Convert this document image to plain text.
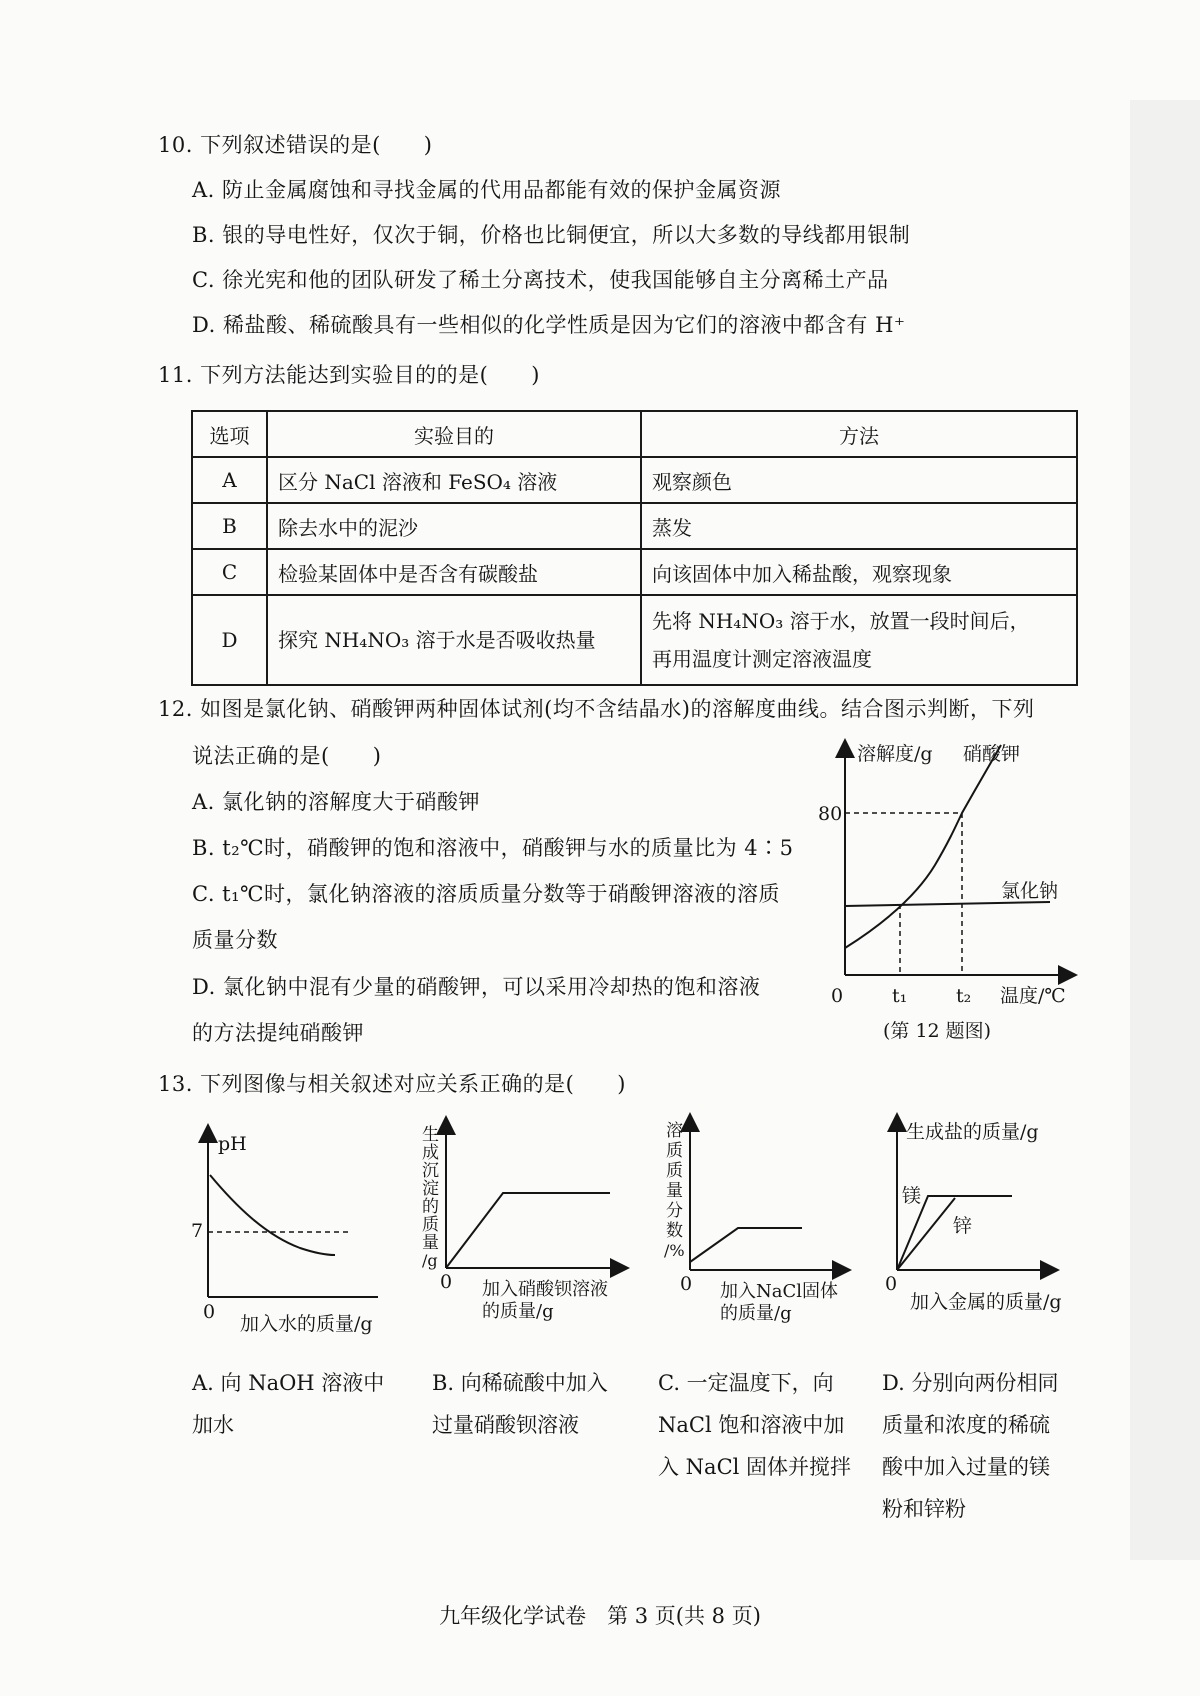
10. 下列叙述错误的是(　　)
A. 防止金属腐蚀和寻找金属的代用品都能有效的保护金属资源
B. 银的导电性好，仅次于铜，价格也比铜便宜，所以大多数的导线都用银制
C. 徐光宪和他的团队研发了稀土分离技术，使我国能够自主分离稀土产品
D. 稀盐酸、稀硫酸具有一些相似的化学性质是因为它们的溶液中都含有 H⁺
11. 下列方法能达到实验目的的是(　　)
选项	实验目的	方法
A	区分 NaCl 溶液和 FeSO₄ 溶液	观察颜色
B	除去水中的泥沙	蒸发
C	检验某固体中是否含有碳酸盐	向该固体中加入稀盐酸，观察现象
D	探究 NH₄NO₃ 溶于水是否吸收热量	先将 NH₄NO₃ 溶于水，放置一段时间后，
再用温度计测定溶液温度
12. 如图是氯化钠、硝酸钾两种固体试剂(均不含结晶水)的溶解度曲线。结合图示判断，下列
说法正确的是(　　)
A. 氯化钠的溶解度大于硝酸钾
B. t₂℃时，硝酸钾的饱和溶液中，硝酸钾与水的质量比为 4∶5
C. t₁℃时，氯化钠溶液的溶质质量分数等于硝酸钾溶液的溶质
质量分数
D. 氯化钠中混有少量的硝酸钾，可以采用冷却热的饱和溶液
的方法提纯硝酸钾
溶解度/g
温度/℃
0
80
t₁	t₂
硝酸钾
氯化钠
(第 12 题图)
13. 下列图像与相关叙述对应关系正确的是(　　)
pH
7
0
加入水的质量/g
生
成
沉
淀
的
质
量
/g
0 加入硝酸钡溶液
的质量/g
溶
质
质
量
分
数
/%
0 加入NaCl固体
的质量/g
生成盐的质量/g
0
加入金属的质量/g
镁
锌
A. 向 NaOH 溶液中
加水
B. 向稀硫酸中加入
过量硝酸钡溶液
C. 一定温度下，向
NaCl 饱和溶液中加
入 NaCl 固体并搅拌
D. 分别向两份相同
质量和浓度的稀硫
酸中加入过量的镁
粉和锌粉
九年级化学试卷　第 3 页(共 8 页)
